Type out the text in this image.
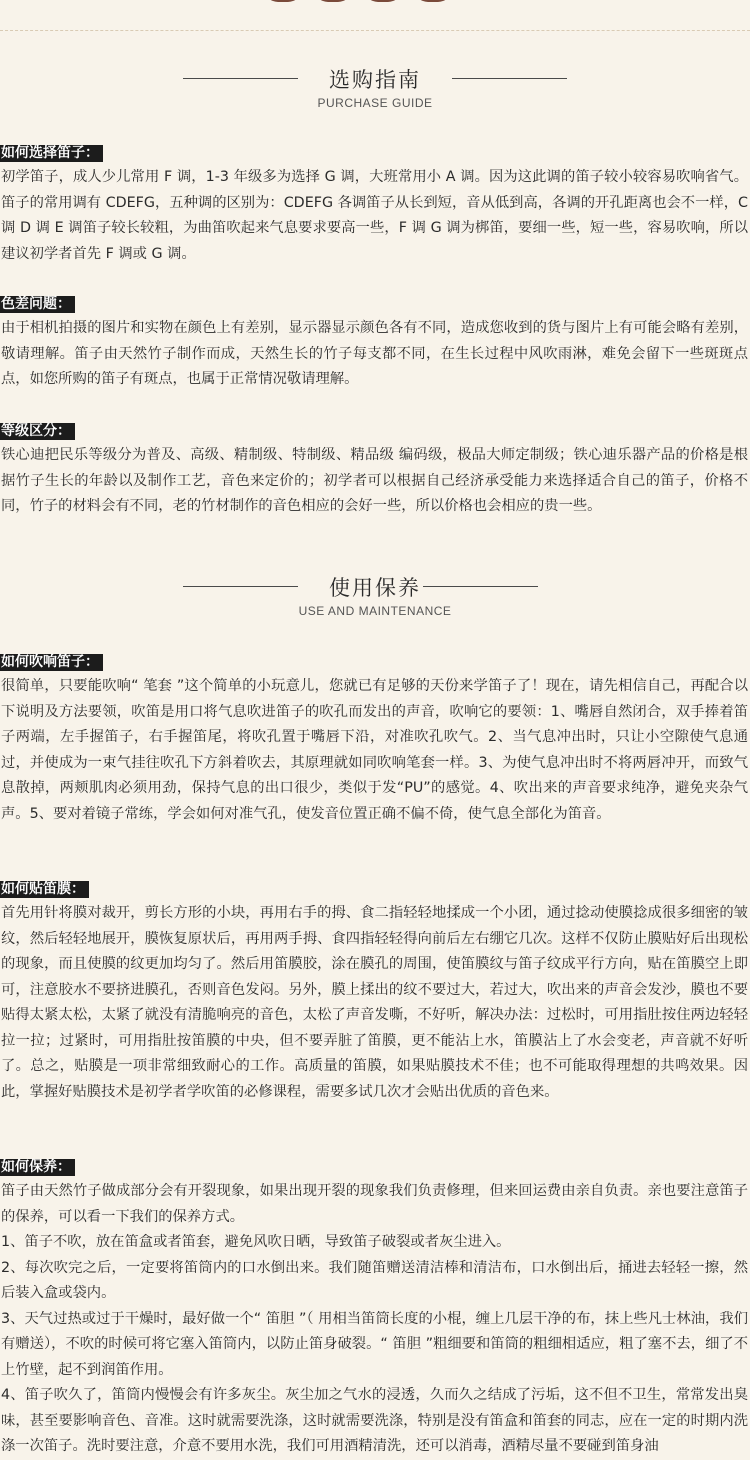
选购指南
PURCHASE GUIDE
如何选择笛子：

初学笛子，成人少儿常用 F 调，1-3 年级多为选择 G 调，大班常用小 A 调。因为这此调的笛子较小较容易吹响省气。笛子的常用调有 CDEFG，五种调的区别为：CDEFG 各调笛子从长到短，音从低到高，各调的开孔距离也会不一样，C 调 D 调 E 调笛子较长较粗，为曲笛吹起来气息要求要高一些，F 调 G 调为梆笛，要细一些，短一些，容易吹响，所以建议初学者首先 F 调或 G 调。

色差问题：

由于相机拍摄的图片和实物在颜色上有差别，显示器显示颜色各有不同，造成您收到的货与图片上有可能会略有差别，敬请理解。笛子由天然竹子制作而成，天然生长的竹子每支都不同，在生长过程中风吹雨淋，难免会留下一些斑斑点点，如您所购的笛子有斑点，也属于正常情况敬请理解。

等级区分：

铁心迪把民乐等级分为普及、高级、精制级、特制级、精品级 编码级，极品大师定制级；铁心迪乐器产品的价格是根据竹子生长的年龄以及制作工艺，音色来定价的；初学者可以根据自己经济承受能力来选择适合自己的笛子，价格不同，竹子的材料会有不同，老的竹材制作的音色相应的会好一些，所以价格也会相应的贵一些。

使用保养
USE AND MAINTENANCE
如何吹响笛子：

很简单，只要能吹响“ 笔套 ”这个简单的小玩意儿，您就已有足够的天份来学笛子了！现在，请先相信自己，再配合以下说明及方法要领，吹笛是用口将气息吹进笛子的吹孔而发出的声音，吹响它的要领：1、嘴唇自然闭合，双手捧着笛子两端，左手握笛子，右手握笛尾，将吹孔置于嘴唇下沿，对准吹孔吹气。2、当气息冲出时，只让小空隙使气息通过，并使成为一束气挂往吹孔下方斜着吹去，其原理就如同吹响笔套一样。3、为使气息冲出时不将两唇冲开，而致气息散掉，两颊肌肉必须用劲，保持气息的出口很少，类似于发“PU”的感觉。4、吹出来的声音要求纯净，避免夹杂气声。5、要对着镜子常练，学会如何对准气孔，使发音位置正确不偏不倚，使气息全部化为笛音。

如何贴笛膜：

首先用针将膜对裁开，剪长方形的小块，再用右手的拇、食二指轻轻地揉成一个小团，通过捻动使膜捻成很多细密的皱纹，然后轻轻地展开，膜恢复原状后，再用两手拇、食四指轻轻得向前后左右绷它几次。这样不仅防止膜贴好后出现松的现象，而且使膜的纹更加均匀了。然后用笛膜胶，涂在膜孔的周围，使笛膜纹与笛子纹成平行方向，贴在笛膜空上即可，注意胶水不要挤进膜孔，否则音色发闷。另外，膜上揉出的纹不要过大，若过大，吹出来的声音会发沙，膜也不要贴得太紧太松，太紧了就没有清脆响亮的音色，太松了声音发嘶，不好听，解决办法：过松时，可用指肚按住两边轻轻拉一拉；过紧时，可用指肚按笛膜的中央，但不要弄脏了笛膜，更不能沾上水，笛膜沾上了水会变老，声音就不好听了。总之，贴膜是一项非常细致耐心的工作。高质量的笛膜，如果贴膜技术不佳；也不可能取得理想的共鸣效果。因此，掌握好贴膜技术是初学者学吹笛的必修课程，需要多试几次才会贴出优质的音色来。

如何保养：
笛子由天然竹子做成部分会有开裂现象，如果出现开裂的现象我们负责修理，但来回运费由亲自负责。亲也要注意笛子的保养，可以看一下我们的保养方式。
1、笛子不吹，放在笛盒或者笛套，避免风吹日晒，导致笛子破裂或者灰尘进入。
2、每次吹完之后，一定要将笛筒内的口水倒出来。我们随笛赠送清洁棒和清洁布，口水倒出后，捅进去轻轻一擦，然后装入盒或袋内。
3、天气过热或过于干燥时，最好做一个“ 笛胆 ”（ 用相当笛筒长度的小棍，缠上几层干净的布，抹上些凡士林油，我们有赠送），不吹的时候可将它塞入笛筒内，以防止笛身破裂。“ 笛胆 ”粗细要和笛筒的粗细相适应，粗了塞不去，细了不上竹壁，起不到润笛作用。
4、笛子吹久了，笛筒内慢慢会有许多灰尘。灰尘加之气水的浸透，久而久之结成了污垢，这不但不卫生，常常发出臭味，甚至要影响音色、音准。这时就需要洗涤，这时就需要洗涤，特别是没有笛盒和笛套的同志，应在一定的时期内洗涤一次笛子。洗时要注意，介意不要用水洗，我们可用酒精清洗，还可以消毒，酒精尽量不要碰到笛身油
